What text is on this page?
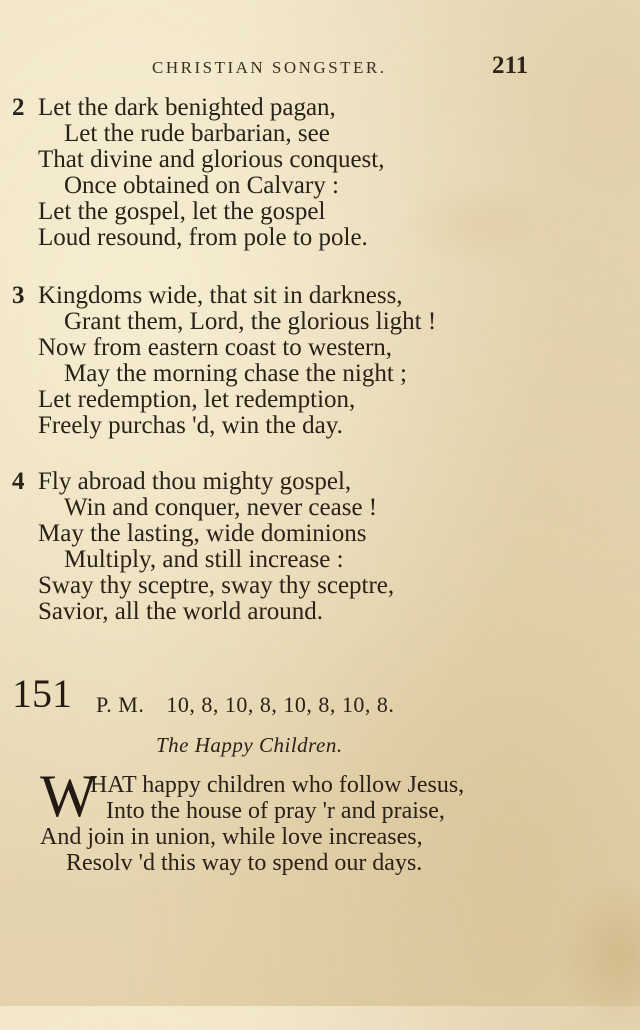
CHRISTIAN SONGSTER.	211
2 Let the dark benighted pagan,
Let the rude barbarian, see
That divine and glorious conquest,
Once obtained on Calvary :
Let the gospel, let the gospel
Loud resound, from pole to pole.
3 Kingdoms wide, that sit in darkness,
Grant them, Lord, the glorious light !
Now from eastern coast to western,
May the morning chase the night ;
Let redemption, let redemption,
Freely purchas 'd, win the day.
4 Fly abroad thou mighty gospel,
Win and conquer, never cease !
May the lasting, wide dominions
Multiply, and still increase :
Sway thy sceptre, sway thy sceptre,
Savior, all the world around.
151 P. M. 10, 8, 10, 8, 10, 8, 10, 8.
The Happy Children.
W
HAT happy children who follow Jesus,
Into the house of pray 'r and praise,
And join in union, while love increases,
Resolv 'd this way to spend our days.
